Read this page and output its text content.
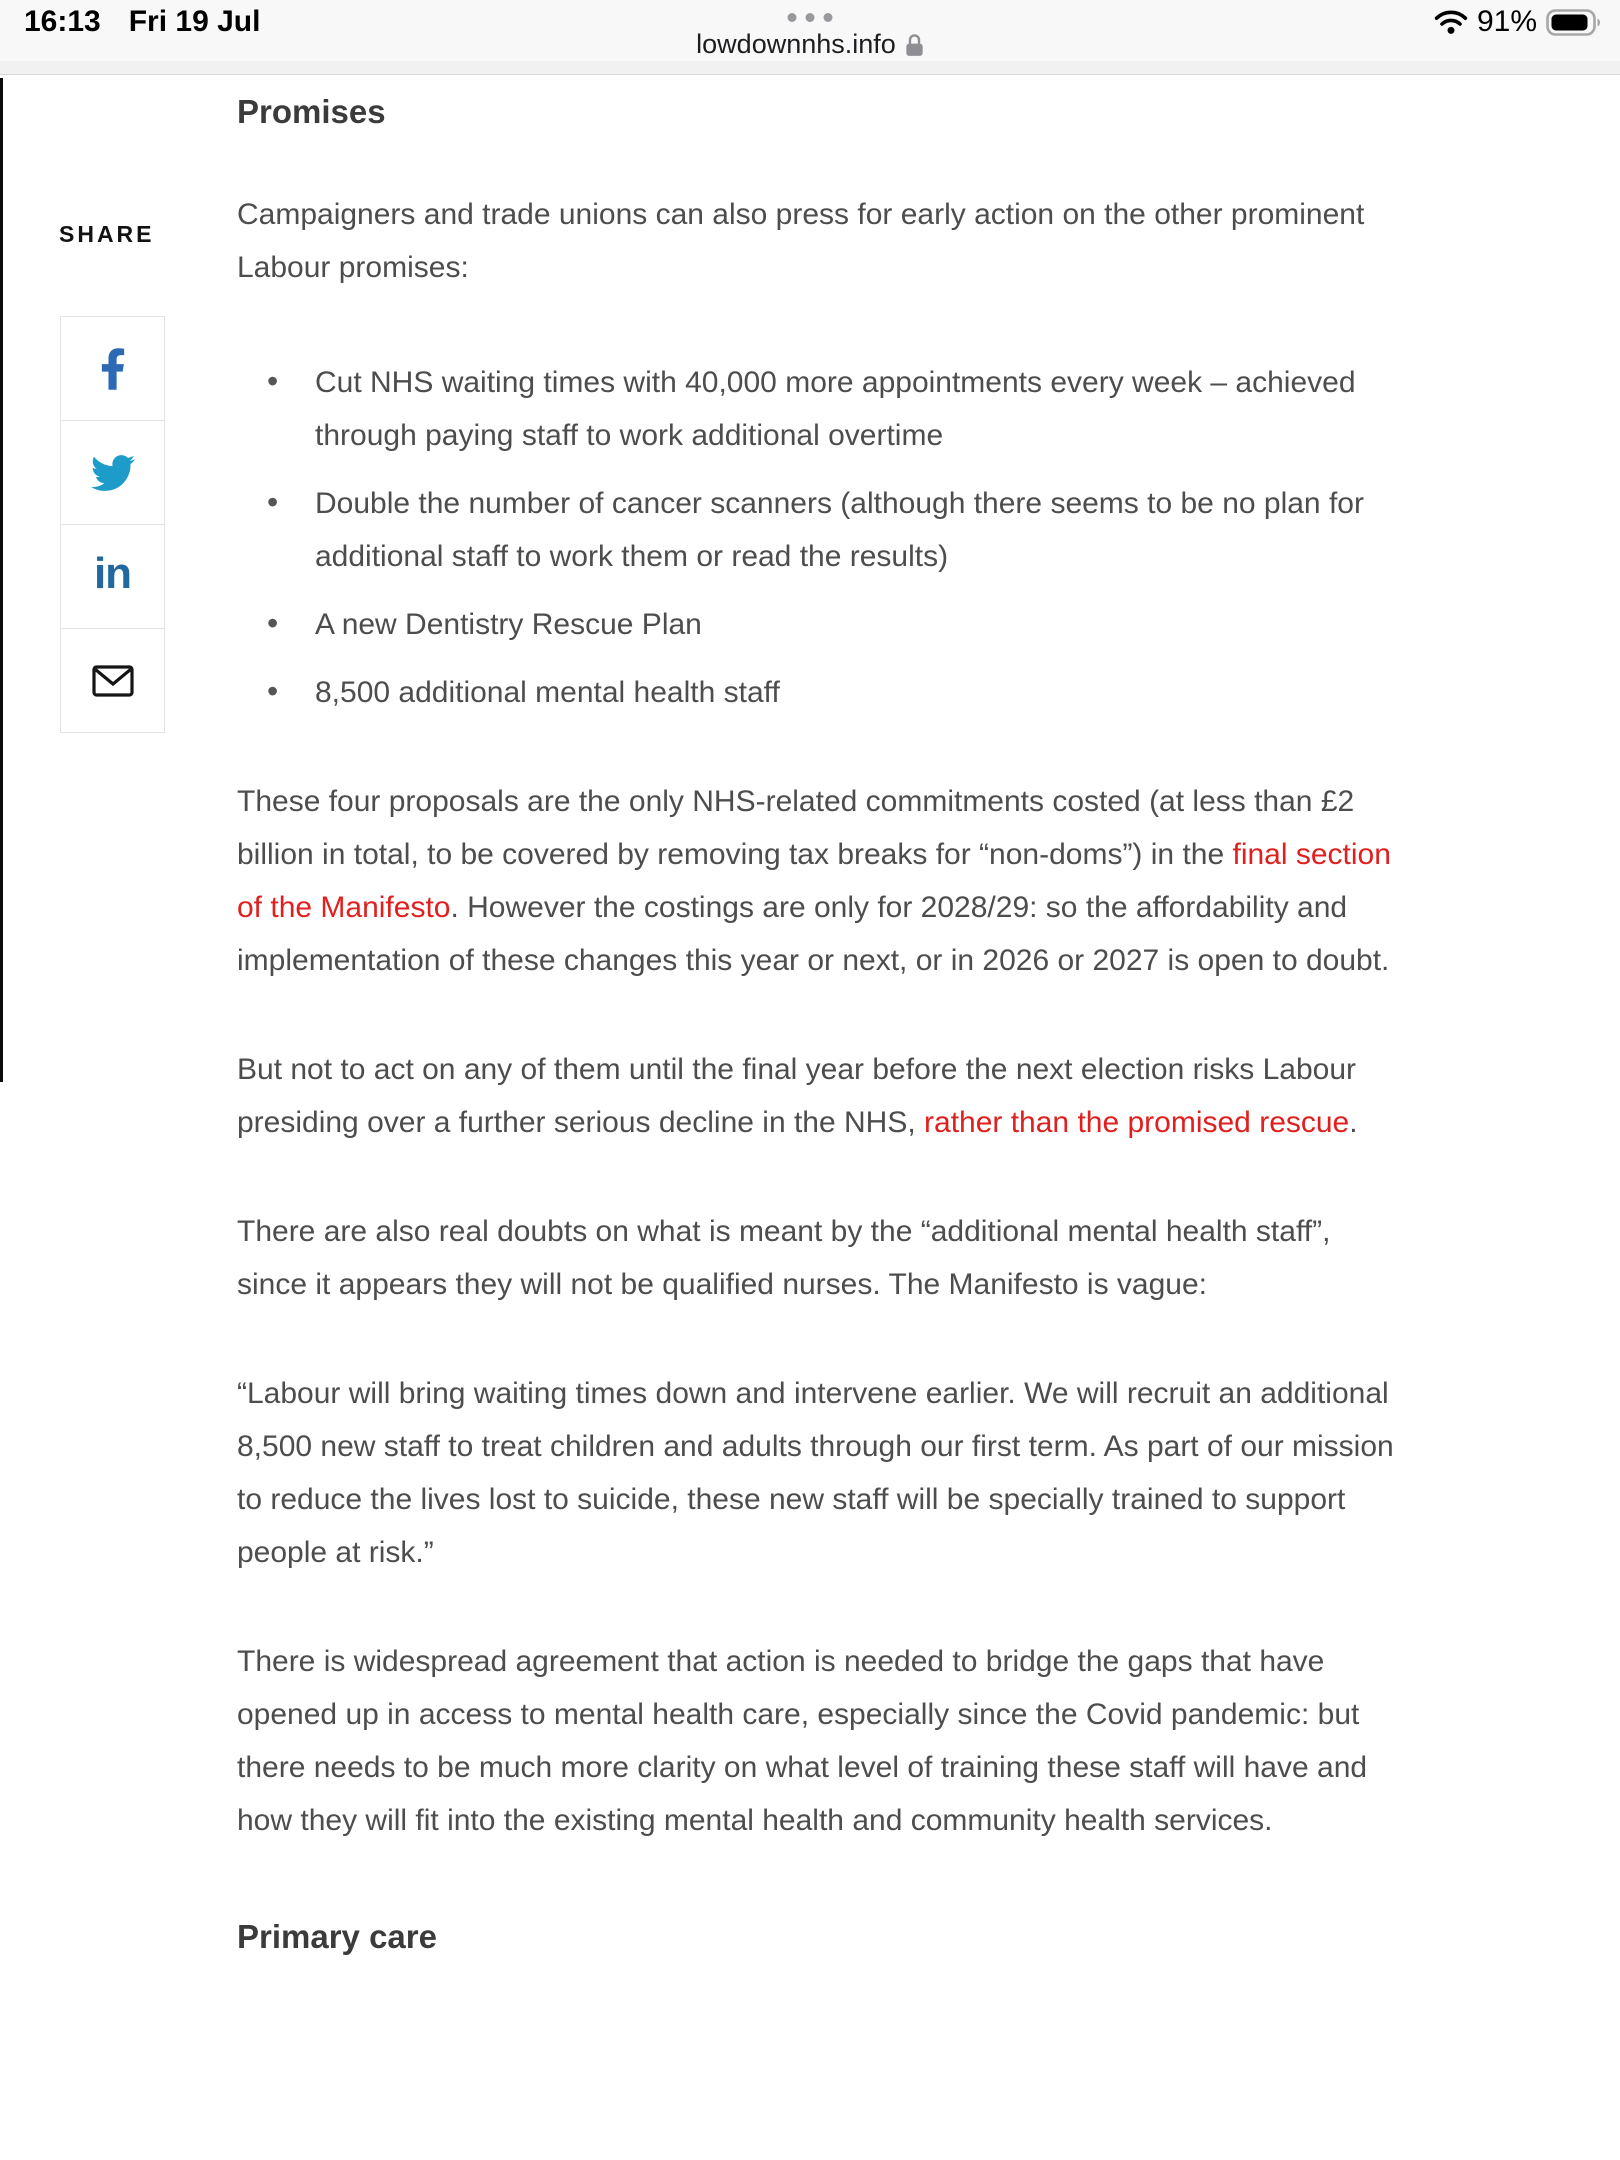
16:13 Fri 19 Jul
lowdownnhs.info
91%
SHARE
in
Promises

Campaigners and trade unions can also press for early action on the other prominent Labour promises:

• Cut NHS waiting times with 40,000 more appointments every week – achieved through paying staff to work additional overtime
• Double the number of cancer scanners (although there seems to be no plan for additional staff to work them or read the results)
• A new Dentistry Rescue Plan
• 8,500 additional mental health staff

These four proposals are the only NHS-related commitments costed (at less than £2 billion in total, to be covered by removing tax breaks for “non-doms”) in the final section of the Manifesto. However the costings are only for 2028/29: so the affordability and implementation of these changes this year or next, or in 2026 or 2027 is open to doubt.

But not to act on any of them until the final year before the next election risks Labour presiding over a further serious decline in the NHS, rather than the promised rescue.

There are also real doubts on what is meant by the “additional mental health staff”, since it appears they will not be qualified nurses. The Manifesto is vague:

“Labour will bring waiting times down and intervene earlier. We will recruit an additional 8,500 new staff to treat children and adults through our first term. As part of our mission to reduce the lives lost to suicide, these new staff will be specially trained to support people at risk.”

There is widespread agreement that action is needed to bridge the gaps that have opened up in access to mental health care, especially since the Covid pandemic: but there needs to be much more clarity on what level of training these staff will have and how they will fit into the existing mental health and community health services.

Primary care
